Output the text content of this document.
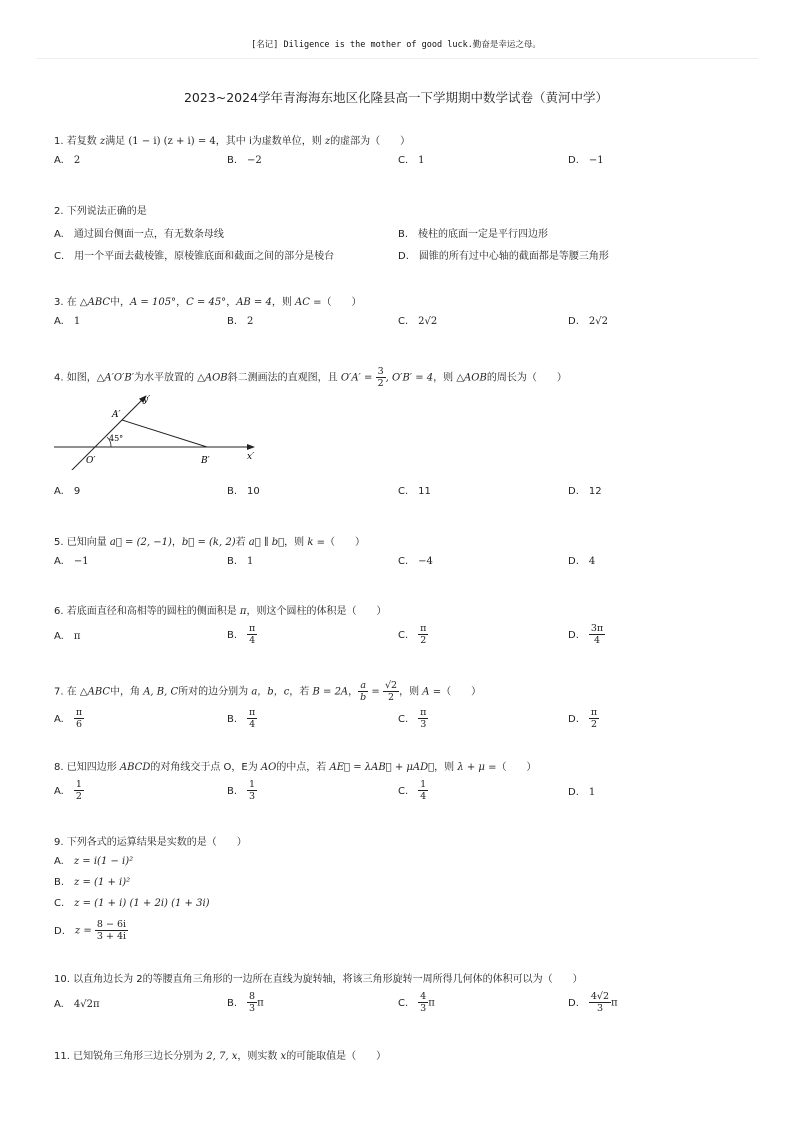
[名记] Diligence is the mother of good luck.勤奋是幸运之母。
2023~2024学年青海海东地区化隆县高一下学期期中数学试卷（黄河中学）
1. 若复数 z满足 (1 − i) (z + i) = 4，其中 i为虚数单位，则 z的虚部为（　　）
A. 2	B. −2	C. 1	D. −1
2. 下列说法正确的是
A. 通过圆台侧面一点，有无数条母线	B. 棱柱的底面一定是平行四边形
C. 用一个平面去截棱锥，原棱锥底面和截面之间的部分是棱台	D. 圆锥的所有过中心轴的截面都是等腰三角形
3. 在 △ABC中，A = 105°，C = 45°，AB = 4，则 AC =（　　）
A. 1	B. 2	C. 2√2	D. 2√2
4. 如图，△A′O′B′为水平放置的 △AOB斜二测画法的直观图，且 $O'A' = \frac{3}{2}$ , O′B′ = 4，则 △AOB的周长为（　　）
y′
x′
A′
O′	B′
45°
A. 9	B. 10	C. 11	D. 12
5. 已知向量 a⃗ = (2, −1)，b⃗ = (k, 2)若 a⃗ ∥ b⃗，则 k =（　　）
A. −1	B. 1	C. −4	D. 4
6. 若底面直径和高相等的圆柱的侧面积是 π，则这个圆柱的体积是（　　）
A. π	B. $\frac{\pi}{4}$	C. $\frac{\pi}{2}$	D. $\frac{3\pi}{4}$
7. 在 △ABC中，角 A, B, C所对的边分别为 a，b，c，若 B = 2A， $\frac{a}{b} = \frac{√2}{2}$ ，则 A =（　　）
A. $\frac{\pi}{6}$	B. $\frac{\pi}{4}$	C. $\frac{\pi}{3}$	D. $\frac{\pi}{2}$
8. 已知四边形 ABCD的对角线交于点 O，E为 AO的中点，若 AE⃗ = λAB⃗ + μAD⃗，则 λ + μ =（　　）
A. $\frac{1}{2}$	B. $\frac{1}{3}$	C. $\frac{1}{4}$	D. 1
9. 下列各式的运算结果是实数的是（　　）
A. z = i(1 − i)²
B. z = (1 + i)²
C. z = (1 + i) (1 + 2i) (1 + 3i)
D. $z = \frac{8 - 6i}{3 + 4i}$
10. 以直角边长为 2的等腰直角三角形的一边所在直线为旋转轴，将该三角形旋转一周所得几何体的体积可以为（　　）
A. 4√2π	B. $\frac{8}{3}$ π	C. $\frac{4}{3}$ π	D. $\frac{4√2}{3}$ π
11. 已知锐角三角形三边长分别为 2, 7, x，则实数 x的可能取值是（　　）
